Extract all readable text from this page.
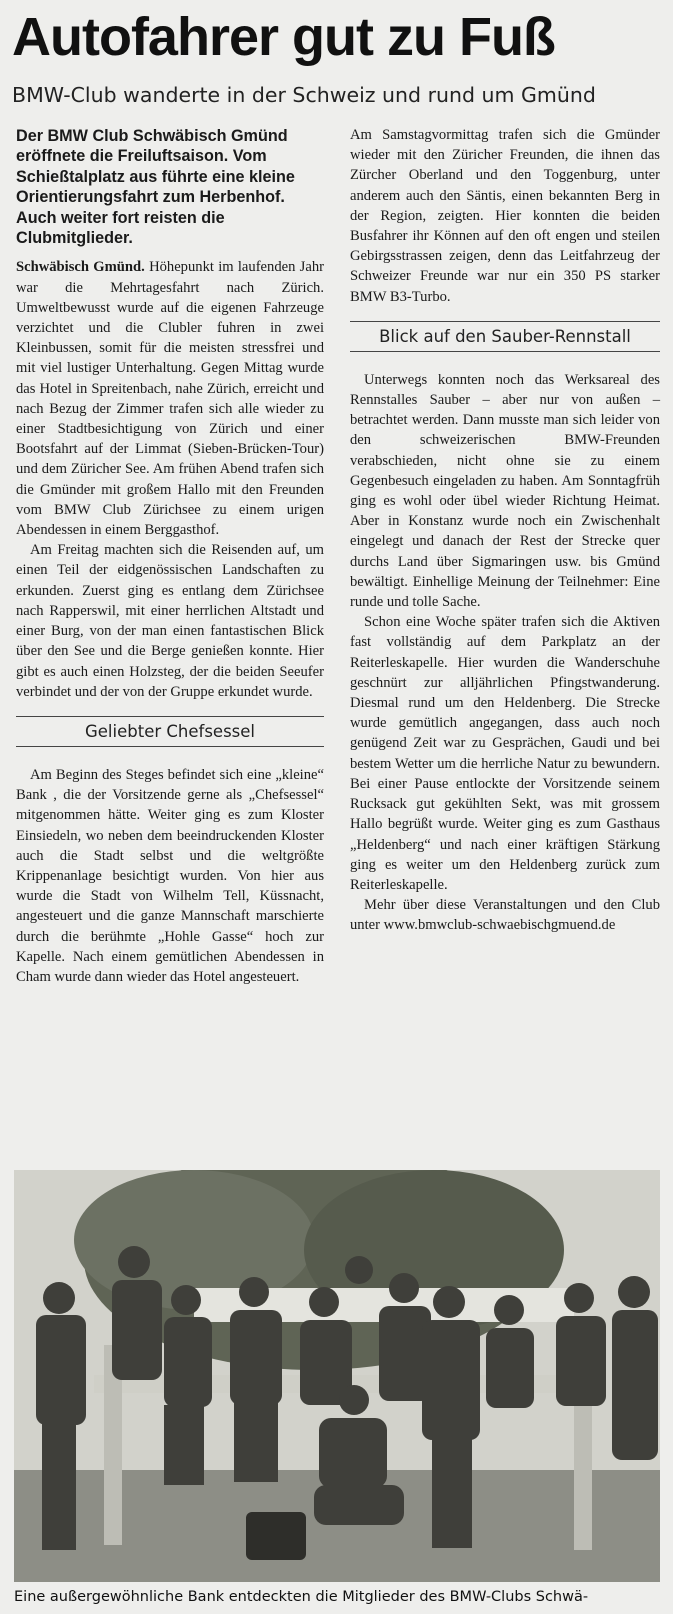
Autofahrer gut zu Fuß
BMW-Club wanderte in der Schweiz und rund um Gmünd
Der BMW Club Schwäbisch Gmünd eröffnete die Freiluftsaison. Vom Schießtalplatz aus führte eine kleine Orientierungsfahrt zum Herbenhof. Auch weiter fort reisten die Clubmitglieder.

Schwäbisch Gmünd. Höhepunkt im laufenden Jahr war die Mehrtagesfahrt nach Zürich. Umweltbewusst wurde auf die eigenen Fahrzeuge verzichtet und die Clubler fuhren in zwei Kleinbussen, somit für die meisten stressfrei und mit viel lustiger Unterhaltung. Gegen Mittag wurde das Hotel in Spreitenbach, nahe Zürich, erreicht und nach Bezug der Zimmer trafen sich alle wieder zu einer Stadtbesichtigung von Zürich und einer Bootsfahrt auf der Limmat (Sieben-Brücken-Tour) und dem Züricher See. Am frühen Abend trafen sich die Gmünder mit großem Hallo mit den Freunden vom BMW Club Zürichsee zu einem urigen Abendessen in einem Berggasthof.

Am Freitag machten sich die Reisenden auf, um einen Teil der eidgenössischen Landschaften zu erkunden. Zuerst ging es entlang dem Zürichsee nach Rapperswil, mit einer herrlichen Altstadt und einer Burg, von der man einen fantastischen Blick über den See und die Berge genießen konnte. Hier gibt es auch einen Holzsteg, der die beiden Seeufer verbindet und der von der Gruppe erkundet wurde.

Geliebter Chefsessel

Am Beginn des Steges befindet sich eine „kleine“ Bank , die der Vorsitzende gerne als „Chefsessel“ mitgenommen hätte. Weiter ging es zum Kloster Einsiedeln, wo neben dem beeindruckenden Kloster auch die Stadt selbst und die weltgrößte Krippenanlage besichtigt wurden. Von hier aus wurde die Stadt von Wilhelm Tell, Küssnacht, angesteuert und die ganze Mannschaft marschierte durch die berühmte „Hohle Gasse“ hoch zur Kapelle. Nach einem gemütlichen Abendessen in Cham wurde dann wieder das Hotel angesteuert.

Am Samstagvormittag trafen sich die Gmünder wieder mit den Züricher Freunden, die ihnen das Zürcher Oberland und den Toggenburg, unter anderem auch den Säntis, einen bekannten Berg in der Region, zeigten. Hier konnten die beiden Busfahrer ihr Können auf den oft engen und steilen Gebirgsstrassen zeigen, denn das Leitfahrzeug der Schweizer Freunde war nur ein 350 PS starker BMW B3-Turbo.

Blick auf den Sauber-Rennstall

Unterwegs konnten noch das Werksareal des Rennstalles Sauber – aber nur von außen – betrachtet werden. Dann musste man sich leider von den schweizerischen BMW-Freunden verabschieden, nicht ohne sie zu einem Gegenbesuch eingeladen zu haben. Am Sonntagfrüh ging es wohl oder übel wieder Richtung Heimat. Aber in Konstanz wurde noch ein Zwischenhalt eingelegt und danach der Rest der Strecke quer durchs Land über Sigmaringen usw. bis Gmünd bewältigt. Einhellige Meinung der Teilnehmer: Eine runde und tolle Sache.

Schon eine Woche später trafen sich die Aktiven fast vollständig auf dem Parkplatz an der Reiterleskapelle. Hier wurden die Wanderschuhe geschnürt zur alljährlichen Pfingstwanderung. Diesmal rund um den Heldenberg. Die Strecke wurde gemütlich angegangen, dass auch noch genügend Zeit war zu Gesprächen, Gaudi und bei bestem Wetter um die herrliche Natur zu bewundern. Bei einer Pause entlockte der Vorsitzende seinem Rucksack gut gekühlten Sekt, was mit grossem Hallo begrüßt wurde. Weiter ging es zum Gasthaus „Heldenberg“ und nach einer kräftigen Stärkung ging es weiter um den Heldenberg zurück zum Reiterleskapelle.

Mehr über diese Veranstaltungen und den Club unter www.bmwclub-schwaebischgmuend.de

Eine außergewöhnliche Bank entdeckten die Mitglieder des BMW-Clubs Schwä-
